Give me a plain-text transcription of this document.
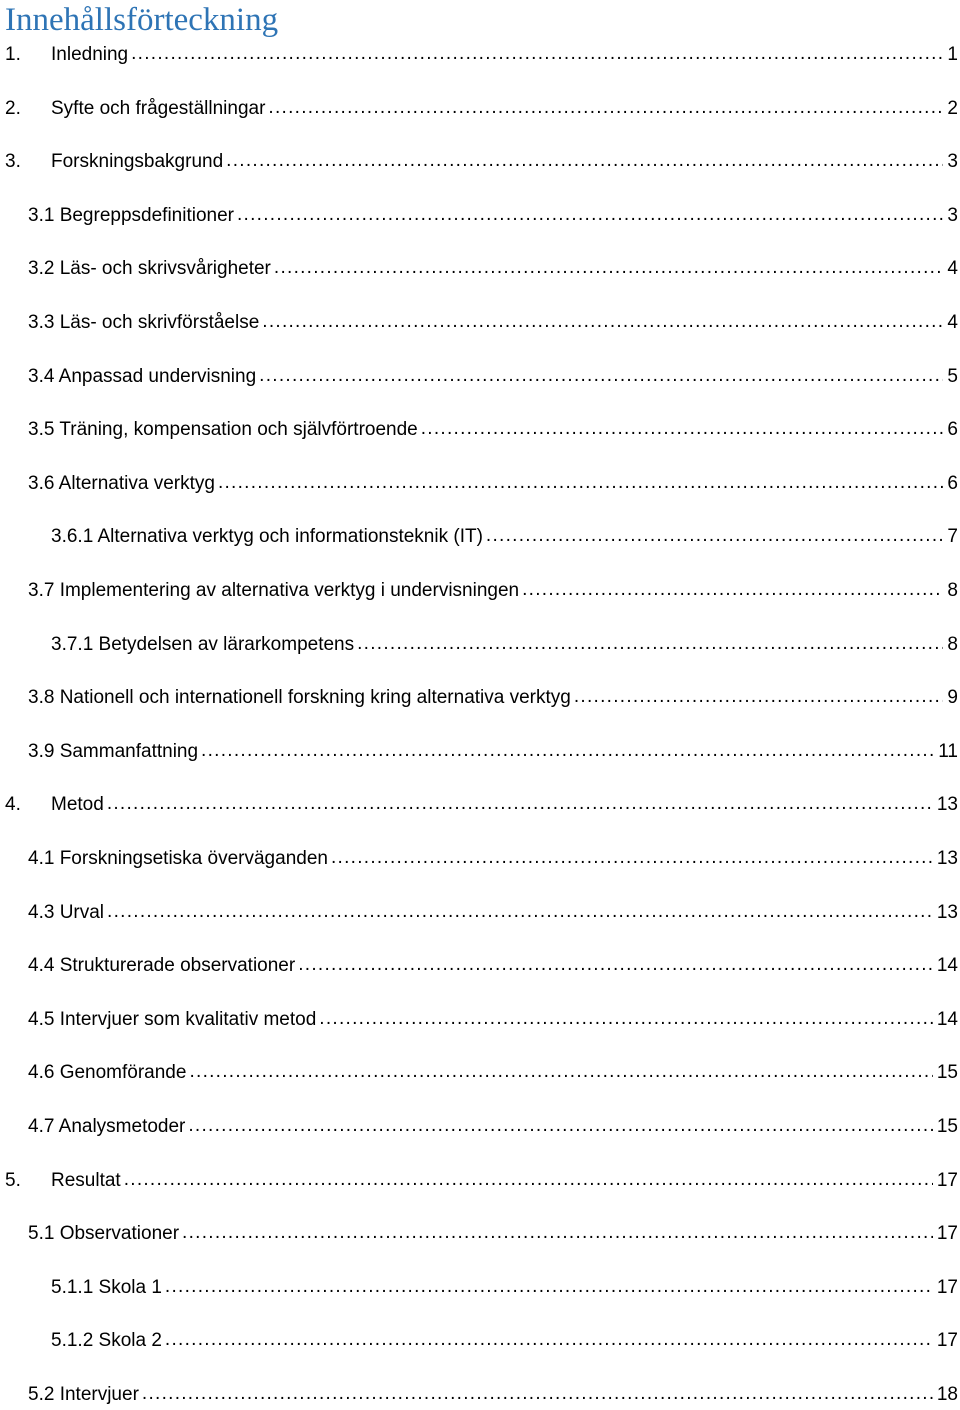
Innehållsförteckning
1.	Inledning . . .	1
2.	Syfte och frågeställningar . . .	2
3.	Forskningsbakgrund . . .	3
3.1 Begreppsdefinitioner . . .	3
3.2 Läs- och skrivsvårigheter . . .	4
3.3 Läs- och skrivförståelse . . .	4
3.4 Anpassad undervisning . . .	5
3.5 Träning, kompensation och självförtroende . . .	6
3.6 Alternativa verktyg . . .	6
3.6.1 Alternativa verktyg och informationsteknik (IT) . . .	7
3.7 Implementering av alternativa verktyg i undervisningen . . .	8
3.7.1 Betydelsen av lärarkompetens . . .	8
3.8 Nationell och internationell forskning kring alternativa verktyg . . .	9
3.9 Sammanfattning . . .	11
4.	Metod . . .	13
4.1 Forskningsetiska överväganden . . .	13
4.3 Urval . . .	13
4.4 Strukturerade observationer . . .	14
4.5 Intervjuer som kvalitativ metod . . .	14
4.6 Genomförande . . .	15
4.7 Analysmetoder . . .	15
5.	Resultat . . .	17
5.1 Observationer . . .	17
5.1.1 Skola 1 . . .	17
5.1.2 Skola 2 . . .	17
5.2 Intervjuer . . .	18
